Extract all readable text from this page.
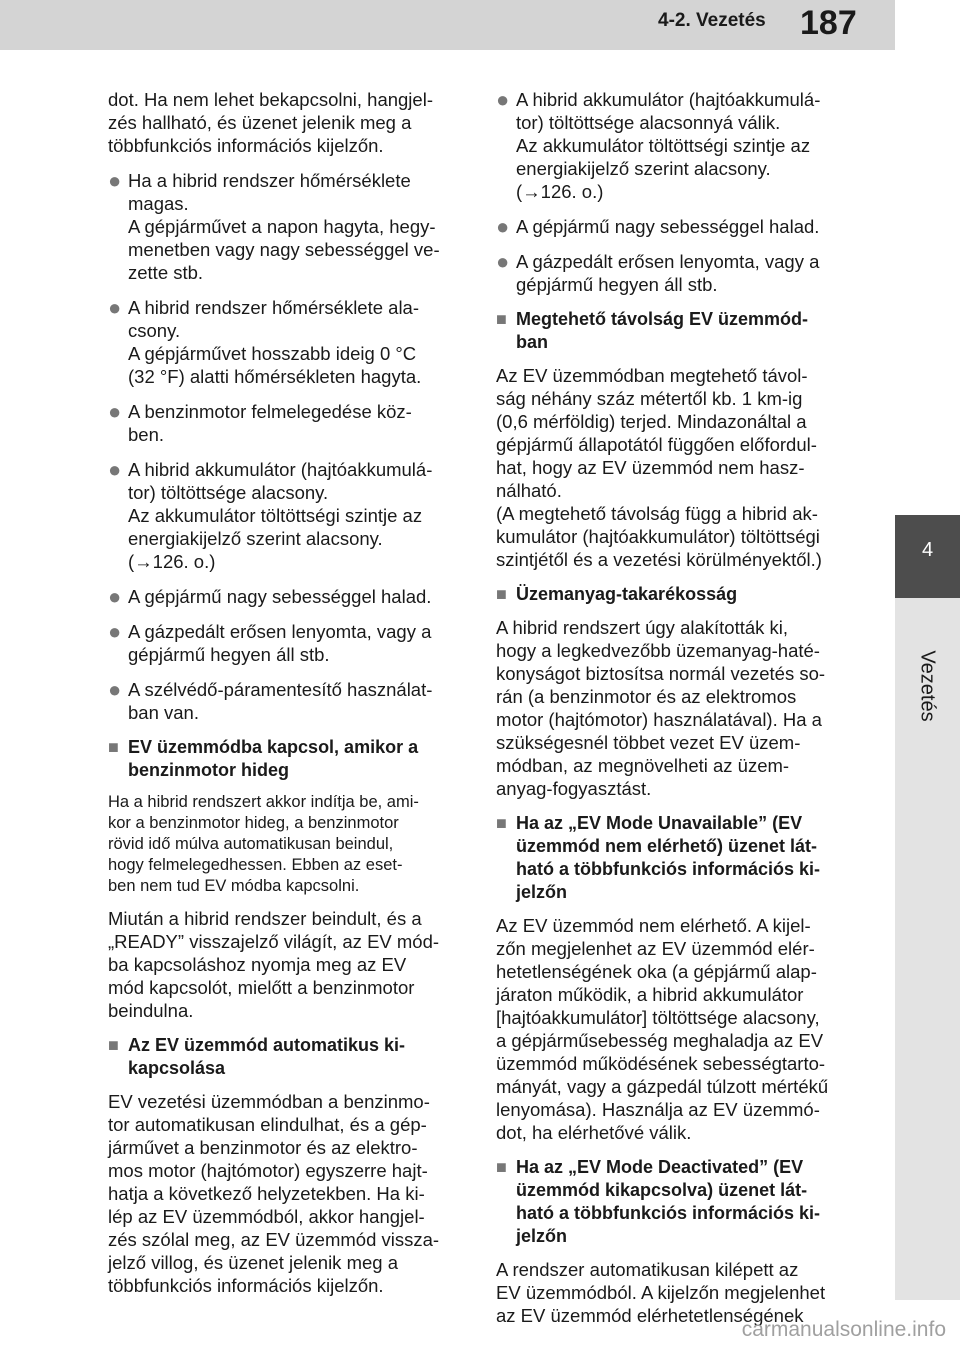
4-2. Vezetés 187
4
Vezetés

dot. Ha nem lehet bekapcsolni, hangjel-
zés hallható, és üzenet jelenik meg a
többfunkciós információs kijelzőn.

● Ha a hibrid rendszer hőmérséklete
magas.
A gépjárművet a napon hagyta, hegy-
menetben vagy nagy sebességgel ve-
zette stb.
● A hibrid rendszer hőmérséklete ala-
csony.
A gépjárművet hosszabb ideig 0 °C
(32 °F) alatti hőmérsékleten hagyta.
● A benzinmotor felmelegedése köz-
ben.
● A hibrid akkumulátor (hajtóakkumulá-
tor) töltöttsége alacsony.
Az akkumulátor töltöttségi szintje az
energiakijelző szerint alacsony.
(→126. o.)
● A gépjármű nagy sebességgel halad.
● A gázpedált erősen lenyomta, vagy a
gépjármű hegyen áll stb.
● A szélvédő-páramentesítő használat-
ban van.
■ EV üzemmódba kapcsol, amikor a
benzinmotor hideg

Ha a hibrid rendszert akkor indítja be, ami-
kor a benzinmotor hideg, a benzinmotor
rövid idő múlva automatikusan beindul,
hogy felmelegedhessen. Ebben az eset-
ben nem tud EV módba kapcsolni.

Miután a hibrid rendszer beindult, és a
„READY” visszajelző világít, az EV mód-
ba kapcsoláshoz nyomja meg az EV
mód kapcsolót, mielőtt a benzinmotor
beindulna.

■ Az EV üzemmód automatikus ki-
kapcsolása

EV vezetési üzemmódban a benzinmo-
tor automatikusan elindulhat, és a gép-
járművet a benzinmotor és az elektro-
mos motor (hajtómotor) egyszerre hajt-
hatja a következő helyzetekben. Ha ki-
lép az EV üzemmódból, akkor hangjel-
zés szólal meg, az EV üzemmód vissza-
jelző villog, és üzenet jelenik meg a
többfunkciós információs kijelzőn.

● A hibrid akkumulátor (hajtóakkumulá-
tor) töltöttsége alacsonnyá válik.
Az akkumulátor töltöttségi szintje az
energiakijelző szerint alacsony.
(→126. o.)
● A gépjármű nagy sebességgel halad.
● A gázpedált erősen lenyomta, vagy a
gépjármű hegyen áll stb.
■ Megtehető távolság EV üzemmód-
ban

Az EV üzemmódban megtehető távol-
ság néhány száz métertől kb. 1 km-ig
(0,6 mérföldig) terjed. Mindazonáltal a
gépjármű állapotától függően előfordul-
hat, hogy az EV üzemmód nem hasz-
nálható.
(A megtehető távolság függ a hibrid ak-
kumulátor (hajtóakkumulátor) töltöttségi
szintjétől és a vezetési körülményektől.)

■ Üzemanyag-takarékosság

A hibrid rendszert úgy alakították ki,
hogy a legkedvezőbb üzemanyag-haté-
konyságot biztosítsa normál vezetés so-
rán (a benzinmotor és az elektromos
motor (hajtómotor) használatával). Ha a
szükségesnél többet vezet EV üzem-
módban, az megnövelheti az üzem-
anyag-fogyasztást.

■ Ha az „EV Mode Unavailable” (EV
üzemmód nem elérhető) üzenet lát-
ható a többfunkciós információs ki-
jelzőn

Az EV üzemmód nem elérhető. A kijel-
zőn megjelenhet az EV üzemmód elér-
hetetlenségének oka (a gépjármű alap-
járaton működik, a hibrid akkumulátor
[hajtóakkumulátor] töltöttsége alacsony,
a gépjárműsebesség meghaladja az EV
üzemmód működésének sebességtarto-
mányát, vagy a gázpedál túlzott mértékű
lenyomása). Használja az EV üzemmó-
dot, ha elérhetővé válik.

■ Ha az „EV Mode Deactivated” (EV
üzemmód kikapcsolva) üzenet lát-
ható a többfunkciós információs ki-
jelzőn

A rendszer automatikusan kilépett az
EV üzemmódból. A kijelzőn megjelenhet
az EV üzemmód elérhetetlenségének

carmanualsonline.info
